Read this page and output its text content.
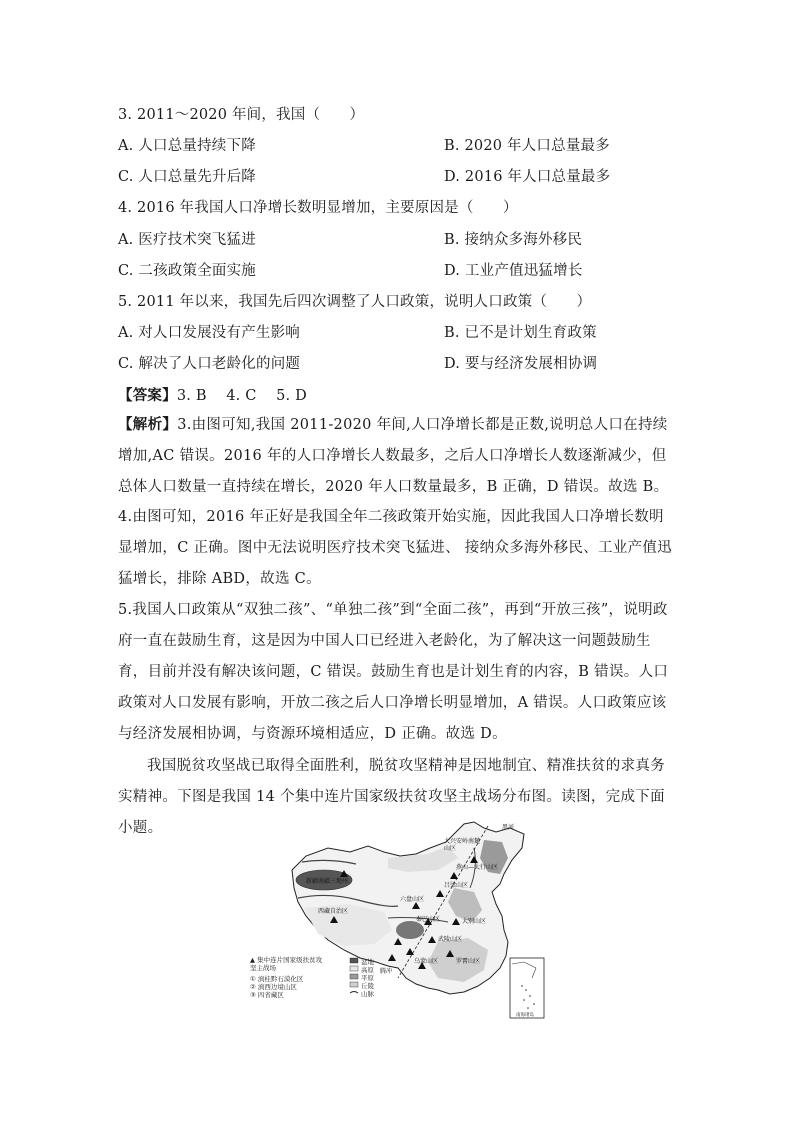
3. 2011～2020 年间，我国（　　）
A. 人口总量持续下降	B. 2020 年人口总量最多
C. 人口总量先升后降	D. 2016 年人口总量最多
4. 2016 年我国人口净增长数明显增加，主要原因是（　　）
A. 医疗技术突飞猛进	B. 接纳众多海外移民
C. 二孩政策全面实施	D. 工业产值迅猛增长
5. 2011 年以来，我国先后四次调整了人口政策，说明人口政策（　　）
A. 对人口发展没有产生影响	B. 已不是计划生育政策
C. 解决了人口老龄化的问题	D. 要与经济发展相协调
【答案】3. B　 4. C　 5. D
【解析】3.由图可知,我国 2011-2020 年间,人口净增长都是正数,说明总人口在持续增加,AC 错误。2016 年的人口净增长人数最多，之后人口净增长人数逐渐减少，但总体人口数量一直持续在增长，2020 年人口数量最多，B 正确，D 错误。故选 B。
4.由图可知，2016 年正好是我国全年二孩政策开始实施，因此我国人口净增长数明显增加，C 正确。图中无法说明医疗技术突飞猛进、 接纳众多海外移民、工业产值迅猛增长，排除 ABD，故选 C。
5.我国人口政策从“双独二孩”、“单独二孩”到“全面二孩”，再到“开放三孩”，说明政府一直在鼓励生育，这是因为中国人口已经进入老龄化，为了解决这一问题鼓励生育，目前并没有解决该问题，C 错误。鼓励生育也是计划生育的内容，B 错误。人口政策对人口发展有影响，开放二孩之后人口净增长明显增加，A 错误。人口政策应该与经济发展相协调，与资源环境相适应，D 正确。故选 D。
我国脱贫攻坚战已取得全面胜利，脱贫攻坚精神是因地制宜、精准扶贫的求真务实精神。下图是我国 14 个集中连片国家级扶贫攻坚主战场分布图。读图，完成下面小题。	黑河
大兴安岭南麓山区
新疆南疆三地州
燕山—太行山区
吕梁山区
西藏自治区
六盘山区
秦巴山区	大别山区
武陵山区
罗霄山区
乌蒙山区
腾冲
南海诸岛
▲ 集中连片国家级扶贫攻坚主战场
① 滇桂黔石漠化区
② 滇西边境山区
③ 四省藏区
盆地
高原
平原
丘陵
山脉
